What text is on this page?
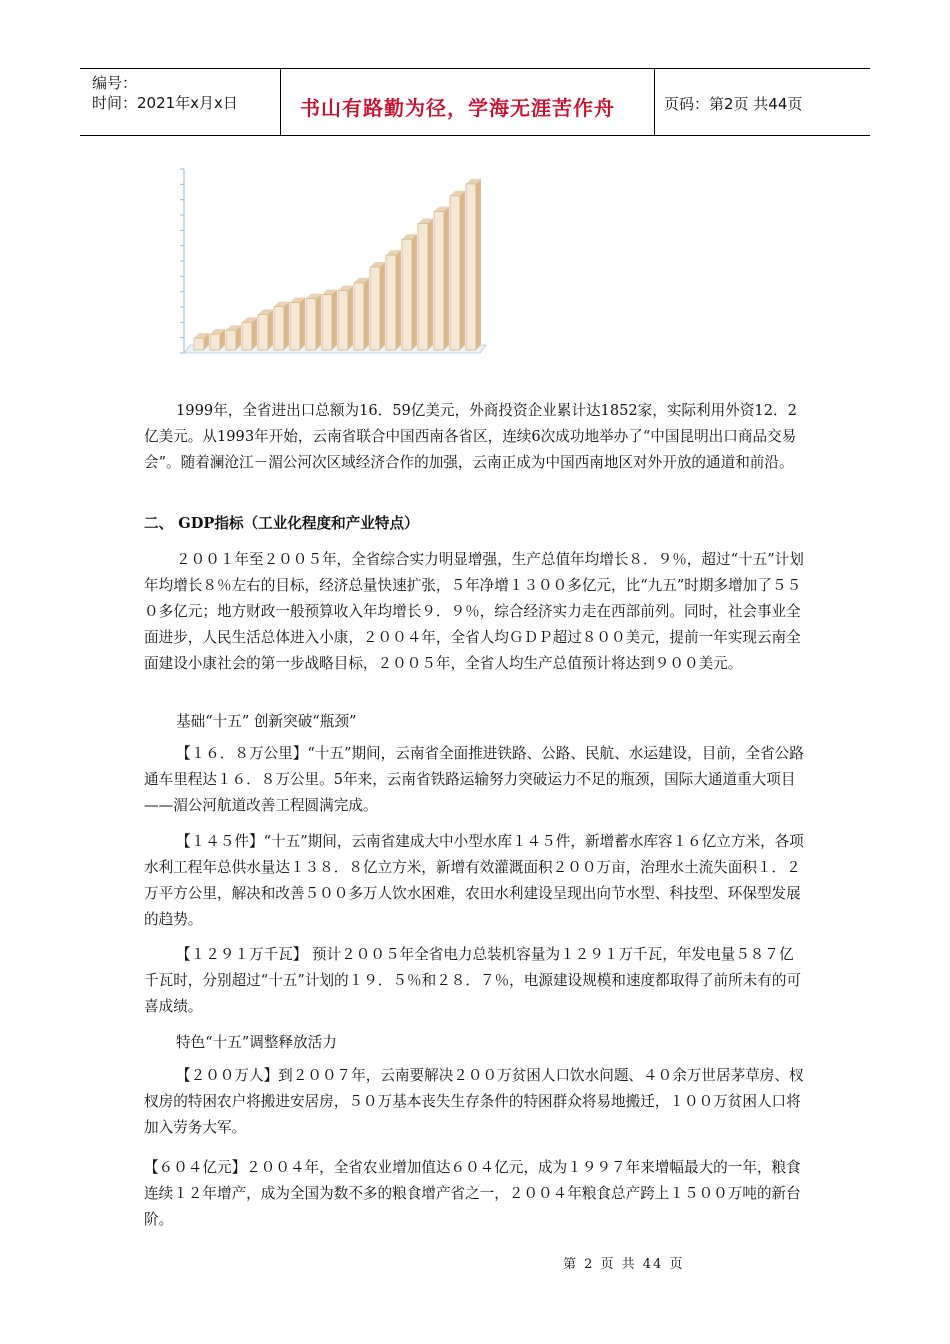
编号：
时间：2021年x月x日	书山有路勤为径，学海无涯苦作舟	页码：第2页 共44页

1999年，全省进出口总额为16．59亿美元，外商投资企业累计达1852家，实际利用外资12．2亿美元。从1993年开始，云南省联合中国西南各省区，连续6次成功地举办了“中国昆明出口商品交易会”。随着澜沧江－湄公河次区域经济合作的加强，云南正成为中国西南地区对外开放的通道和前沿。

二、 GDP指标（工业化程度和产业特点）

２００１年至２００５年，全省综合实力明显增强，生产总值年均增长８．９％，超过“十五”计划年均增长８％左右的目标，经济总量快速扩张，５年净增１３００多亿元，比“九五”时期多增加了５５０多亿元；地方财政一般预算收入年均增长９．９％，综合经济实力走在西部前列。同时，社会事业全面进步，人民生活总体进入小康，２００４年，全省人均ＧＤＰ超过８００美元，提前一年实现云南全面建设小康社会的第一步战略目标，２００５年，全省人均生产总值预计将达到９００美元。

基础“十五” 创新突破“瓶颈”

【１６．８万公里】“十五”期间，云南省全面推进铁路、公路、民航、水运建设，目前，全省公路通车里程达１６．８万公里。5年来，云南省铁路运输努力突破运力不足的瓶颈，国际大通道重大项目——湄公河航道改善工程圆满完成。

【１４５件】“十五”期间，云南省建成大中小型水库１４５件，新增蓄水库容１６亿立方米，各项水利工程年总供水量达１３８．８亿立方米，新增有效灌溉面积２００万亩，治理水土流失面积１．２万平方公里，解决和改善５００多万人饮水困难，农田水利建设呈现出向节水型、科技型、环保型发展的趋势。

【１２９１万千瓦】 预计２００５年全省电力总装机容量为１２９１万千瓦，年发电量５８７亿千瓦时，分别超过“十五”计划的１９．５％和２８．７％，电源建设规模和速度都取得了前所未有的可喜成绩。

特色“十五”调整释放活力

【２００万人】到２００７年，云南要解决２００万贫困人口饮水问题、４０余万世居茅草房、杈杈房的特困农户将搬进安居房，５０万基本丧失生存条件的特困群众将易地搬迁，１００万贫困人口将加入劳务大军。

【６０４亿元】２００４年，全省农业增加值达６０４亿元，成为１９９７年来增幅最大的一年，粮食连续１２年增产，成为全国为数不多的粮食增产省之一，２００４年粮食总产跨上１５００万吨的新台阶。

第 2 页 共 44 页
